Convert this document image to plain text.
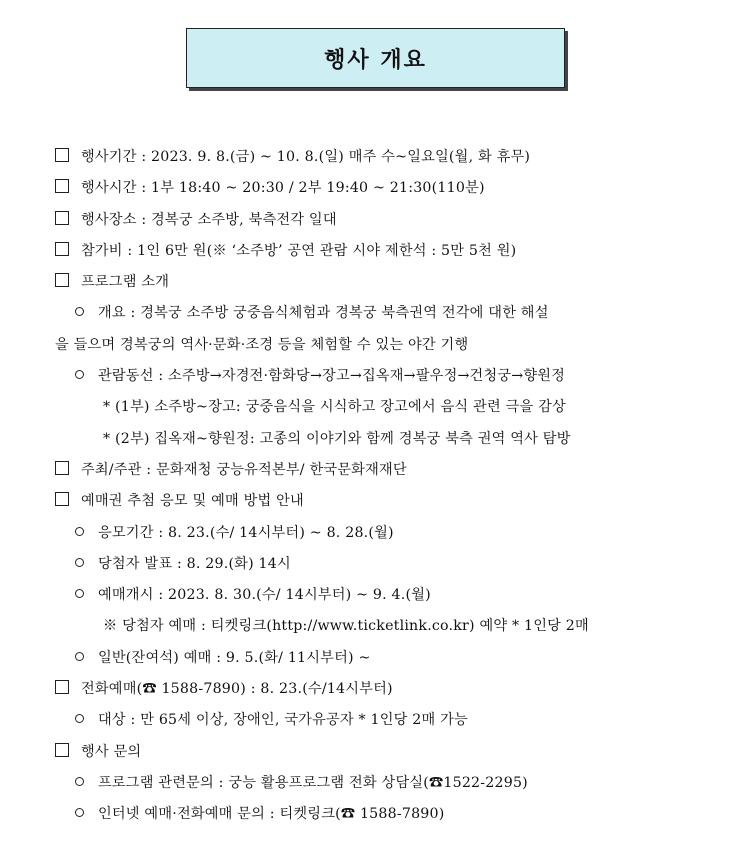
행사 개요
행사기간 : 2023. 9. 8.(금) ~ 10. 8.(일) 매주 수~일요일(월, 화 휴무)
행사시간 : 1부 18:40 ~ 20:30 / 2부 19:40 ~ 21:30(110분)
행사장소 : 경복궁 소주방, 북측전각 일대
참가비 : 1인 6만 원(※ ‘소주방’ 공연 관람 시야 제한석 : 5만 5천 원)
프로그램 소개
개요 : 경복궁 소주방 궁중음식체험과 경복궁 북측권역 전각에 대한 해설
을 들으며 경복궁의 역사·문화·조경 등을 체험할 수 있는 야간 기행
관람동선 : 소주방→자경전·함화당→장고→집옥재→팔우정→건청궁→향원정
* (1부) 소주방~장고: 궁중음식을 시식하고 장고에서 음식 관련 극을 감상
* (2부) 집옥재~향원정: 고종의 이야기와 함께 경복궁 북측 권역 역사 탐방
주최/주관 : 문화재청 궁능유적본부/ 한국문화재재단
예매권 추첨 응모 및 예매 방법 안내
응모기간 : 8. 23.(수/ 14시부터) ~ 8. 28.(월)
당첨자 발표 : 8. 29.(화) 14시
예매개시 : 2023. 8. 30.(수/ 14시부터) ~ 9. 4.(월)
※ 당첨자 예매 : 티켓링크(http://www.ticketlink.co.kr) 예약 * 1인당 2매
일반(잔여석) 예매 : 9. 5.(화/ 11시부터) ~
전화예매(☎ 1588-7890) : 8. 23.(수/14시부터)
대상 : 만 65세 이상, 장애인, 국가유공자 * 1인당 2매 가능
행사 문의
프로그램 관련문의 : 궁능 활용프로그램 전화 상담실(☎1522-2295)
인터넷 예매·전화예매 문의 : 티켓링크(☎ 1588-7890)
